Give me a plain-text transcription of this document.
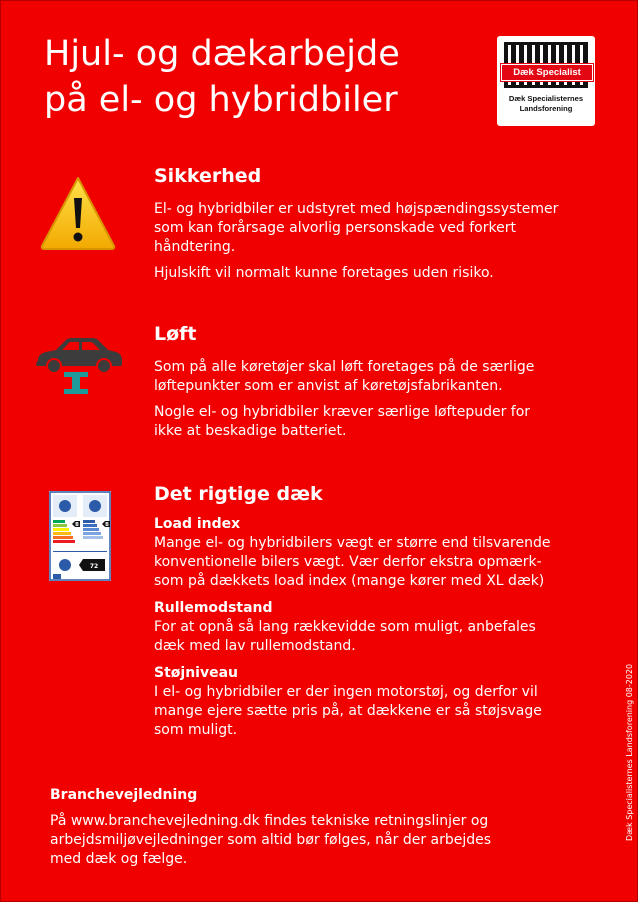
Hjul- og dækarbejde
på el- og hybridbiler
Dæk Specialist
Dæk Specialisternes
Landsforening
Sikkerhed

El- og hybridbiler er udstyret med højspændingssystemer
som kan forårsage alvorlig personskade ved forkert
håndtering.

Hjulskift vil normalt kunne foretages uden risiko.

Løft

Som på alle køretøjer skal løft foretages på de særlige
løftepunkter som er anvist af køretøjsfabrikanten.

Nogle el- og hybridbiler kræver særlige løftepuder for
ikke at beskadige batteriet.

B	B
72
Det rigtige dæk
Load index

Mange el- og hybridbilers vægt er større end tilsvarende
konventionelle bilers vægt. Vær derfor ekstra opmærk-
som på dækkets load index (mange kører med XL dæk)

Rullemodstand

For at opnå så lang rækkevidde som muligt, anbefales
dæk med lav rullemodstand.

Støjniveau

I el- og hybridbiler er der ingen motorstøj, og derfor vil
mange ejere sætte pris på, at dækkene er så støjsvage
som muligt.

Branchevejledning
På www.branchevejledning.dk findes tekniske retningslinjer og
arbejdsmiljøvejledninger som altid bør følges, når der arbejdes
med dæk og fælge.
Dæk Specialisternes Landsforening 08-2020
